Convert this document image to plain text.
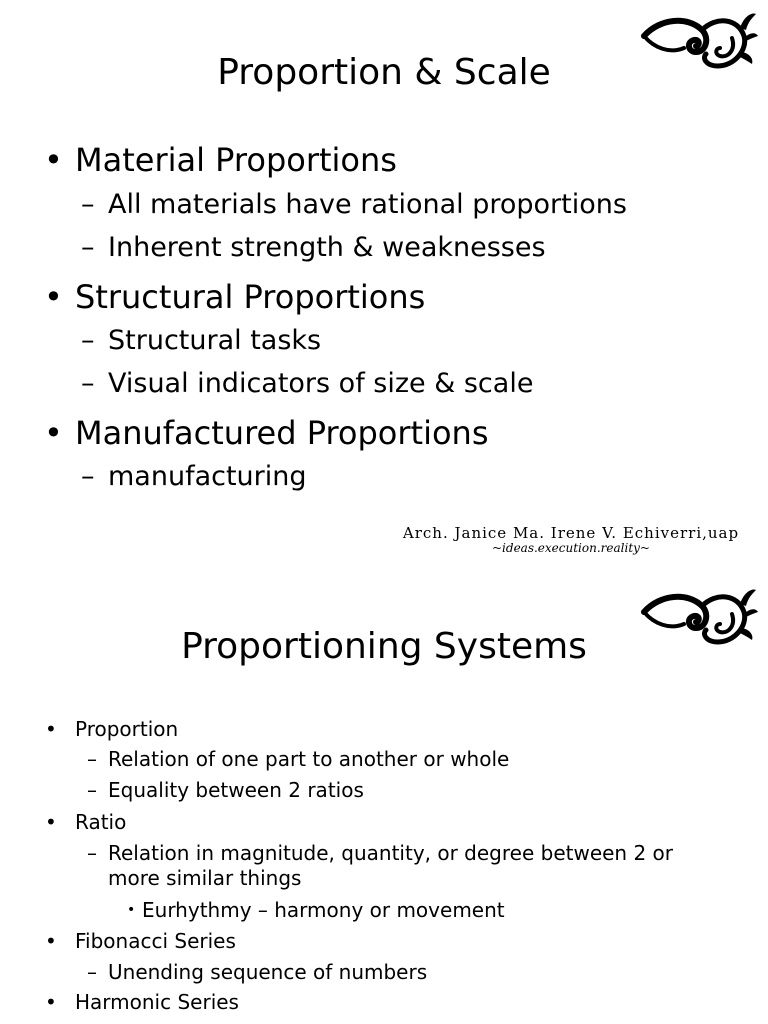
Proportion & Scale
• Material Proportions
– All materials have rational proportions
– Inherent strength & weaknesses
• Structural Proportions
– Structural tasks
– Visual indicators of size & scale
• Manufactured Proportions
– manufacturing
Arch. Janice Ma. Irene V. Echiverri,uap
~ideas.execution.reality~
Proportioning Systems
• Proportion
– Relation of one part to another or whole
– Equality between 2 ratios
• Ratio
– Relation in magnitude, quantity, or degree between 2 or
more similar things
• Eurhythmy – harmony or movement
• Fibonacci Series
– Unending sequence of numbers
• Harmonic Series
